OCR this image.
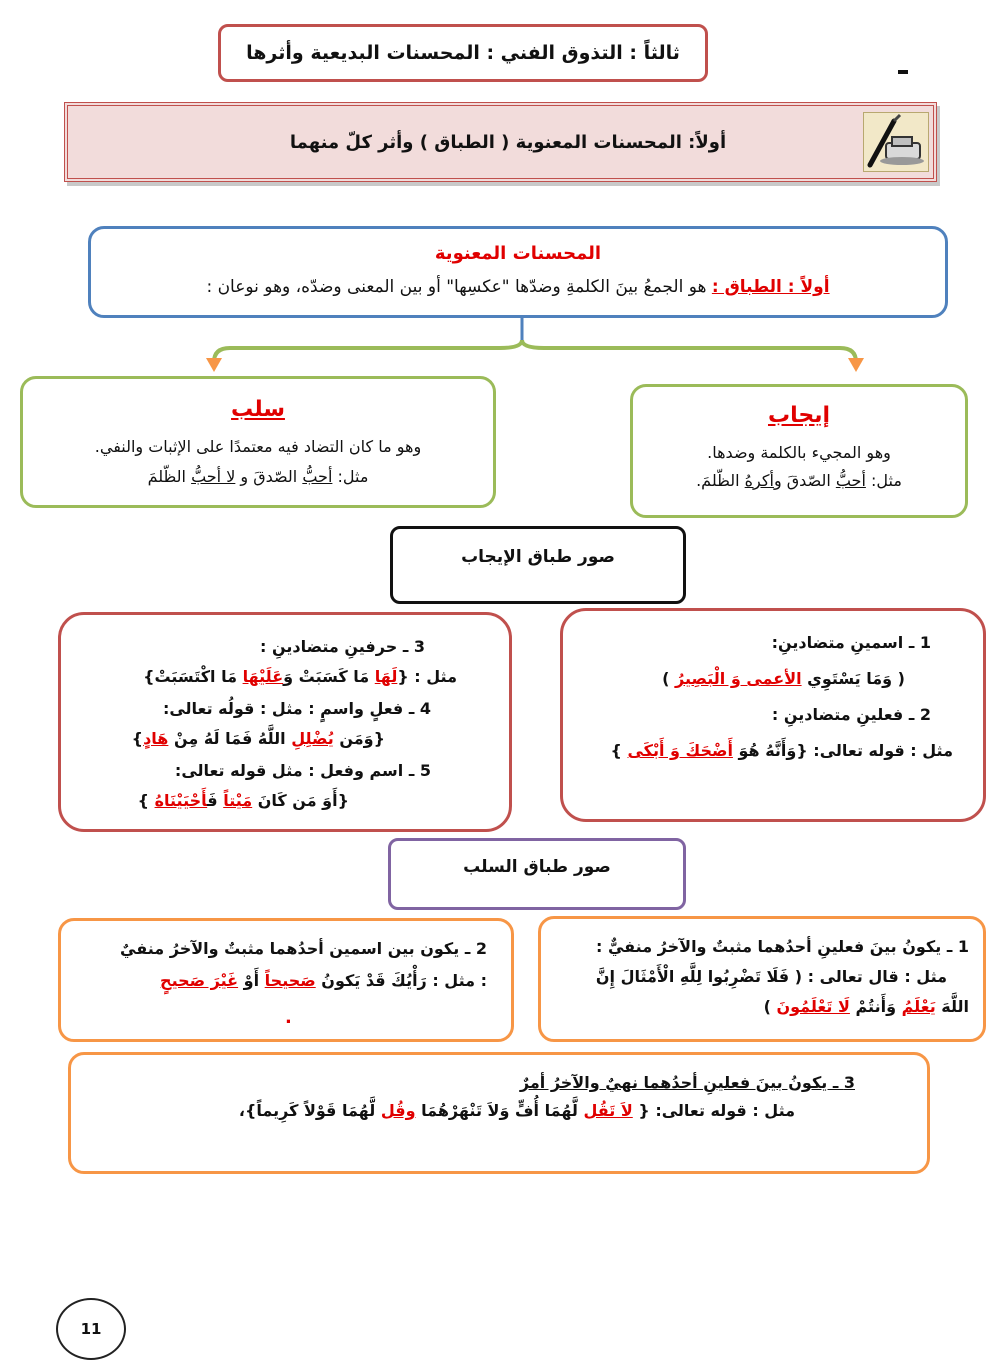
ثالثاً : التذوق الفني : المحسنات البديعية وأثرها
أولاً: المحسنات المعنوية ( الطباق ) وأثر كلّ منهما
المحسنات المعنوية
أولاً : الطباق : هو الجمعُ بينَ الكلمةِ وضدّها "عكسِها" أو بين المعنى وضدّه، وهو نوعان :
سلب
وهو ما كان التضاد فيه معتمدًا على الإثبات والنفي.
مثل: أحبُّ الصّدقَ و لا أحبُّ الظّلمَ
إيجاب
وهو المجيء بالكلمة وضدها.
مثل: أحبُّ الصّدقَ وأكرهُ الظّلمَ.
صور طباق الإيجاب
1 ـ اسمينِ متضادينِ:
( وَمَا يَسْتَوِي الأعمى وَ الْبَصِيرُ )
2 ـ فعلينِ متضادينِ :
مثل : قوله تعالى: {وَأَنَّهُ هُوَ أَضْحَكَ وَ أَبْكَى }
3 ـ حرفينِ متضادينِ :
مثل : {لَهَا مَا كَسَبَتْ وَعَلَيْهَا مَا اكْتَسَبَتْ}
4 ـ فعلٍ واسمٍ : مثل : قولُه تعالى:
{وَمَن يُضْلِلِ اللَّهُ فَمَا لَهُ مِنْ هَادٍ}
5 ـ اسم وفعل : مثل قوله تعالى:
{أَوَ مَن كَانَ مَيْتاً فَأَحْيَيْنَاهُ }
صور طباق السلب
1 ـ يكونُ بينَ فعلينِ أحدُهما مثبتٌ والآخرُ منفيٌّ :
مثل : قال تعالى : ( فَلَا تَضْرِبُوا لِلَّهِ الْأَمْثَالَ إِنَّ
اللَّهَ يَعْلَمُ وَأَنتُمْ لَا تَعْلَمُونَ )
2 ـ يكون بين اسمين أحدُهما مثبتٌ والآخرُ منفيٌ
: مثل : رَأْيُكَ قَدْ يَكونُ صَحيحاً أَوْ غَيْرَ صَحيحٍ
.
3 ـ يكونُ بينَ فعلينِ أحدُهما نهيٌ والآخرُ أمرٌ
مثل : قوله تعالى: { لاَ تَقُل لَّهُمَا أُفٍّ وَلاَ تَنْهَرْهُمَا وقُل لَّهُمَا قَوْلاً كَرِيماً}،
11
